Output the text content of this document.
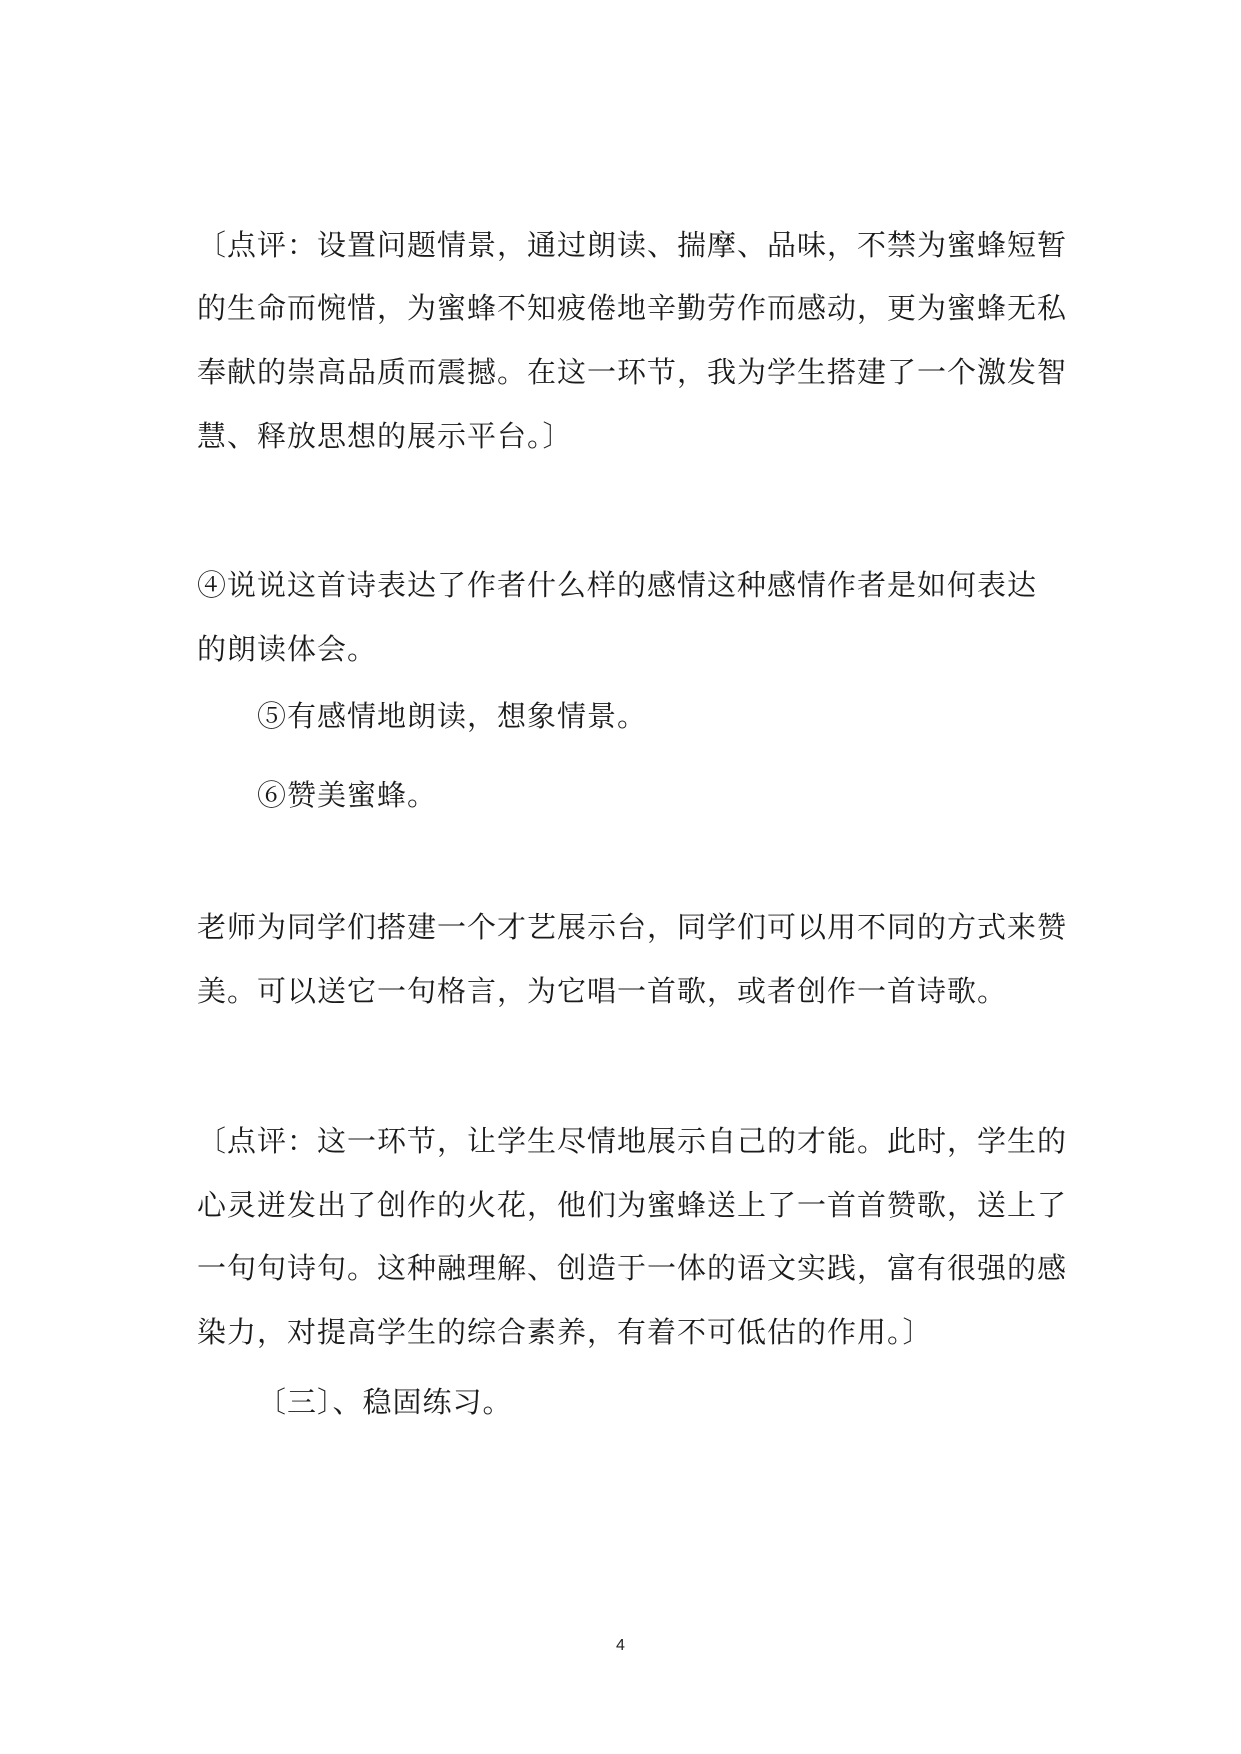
〔点评：设置问题情景，通过朗读、揣摩、品味，不禁为蜜蜂短暂
的生命而惋惜，为蜜蜂不知疲倦地辛勤劳作而感动，更为蜜蜂无私
奉献的崇高品质而震撼。在这一环节，我为学生搭建了一个激发智
慧、释放思想的展示平台。〕
④说说这首诗表达了作者什么样的感情这种感情作者是如何表达
的朗读体会。
⑤有感情地朗读，想象情景。
⑥赞美蜜蜂。
老师为同学们搭建一个才艺展示台，同学们可以用不同的方式来赞
美。可以送它一句格言，为它唱一首歌，或者创作一首诗歌。
〔点评：这一环节，让学生尽情地展示自己的才能。此时，学生的
心灵迸发出了创作的火花，他们为蜜蜂送上了一首首赞歌，送上了
一句句诗句。这种融理解、创造于一体的语文实践，富有很强的感
染力，对提高学生的综合素养，有着不可低估的作用。〕
〔三〕、稳固练习。
4
